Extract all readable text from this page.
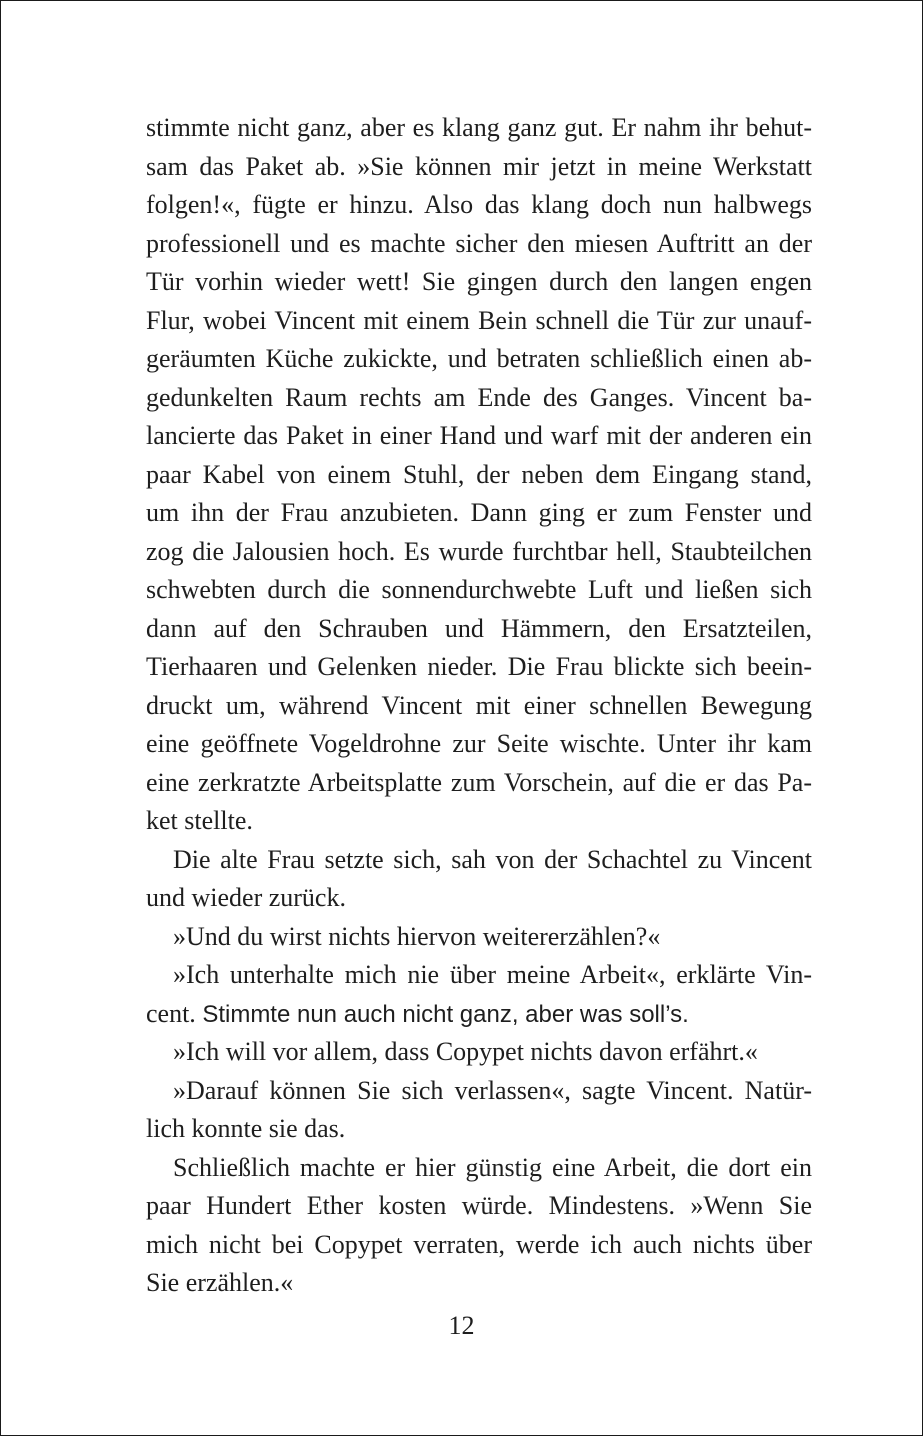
stimmte nicht ganz, aber es klang ganz gut. Er nahm ihr behut-
sam das Paket ab. »Sie können mir jetzt in meine Werkstatt
folgen!«, fügte er hinzu. Also das klang doch nun halbwegs
professionell und es machte sicher den miesen Auftritt an der
Tür vorhin wieder wett! Sie gingen durch den langen engen
Flur, wobei Vincent mit einem Bein schnell die Tür zur unauf-
geräumten Küche zukickte, und betraten schließlich einen ab-
gedunkelten Raum rechts am Ende des Ganges. Vincent ba-
lancierte das Paket in einer Hand und warf mit der anderen ein
paar Kabel von einem Stuhl, der neben dem Eingang stand,
um ihn der Frau anzubieten. Dann ging er zum Fenster und
zog die Jalousien hoch. Es wurde furchtbar hell, Staubteilchen
schwebten durch die sonnendurchwebte Luft und ließen sich
dann auf den Schrauben und Hämmern, den Ersatzteilen,
Tierhaaren und Gelenken nieder. Die Frau blickte sich beein-
druckt um, während Vincent mit einer schnellen Bewegung
eine geöffnete Vogeldrohne zur Seite wischte. Unter ihr kam
eine zerkratzte Arbeitsplatte zum Vorschein, auf die er das Pa-
ket stellte.
Die alte Frau setzte sich, sah von der Schachtel zu Vincent
und wieder zurück.
»Und du wirst nichts hiervon weitererzählen?«
»Ich unterhalte mich nie über meine Arbeit«, erklärte Vin-
cent. Stimmte nun auch nicht ganz, aber was soll’s.
»Ich will vor allem, dass Copypet nichts davon erfährt.«
»Darauf können Sie sich verlassen«, sagte Vincent. Natür-
lich konnte sie das.
Schließlich machte er hier günstig eine Arbeit, die dort ein
paar Hundert Ether kosten würde. Mindestens. »Wenn Sie
mich nicht bei Copypet verraten, werde ich auch nichts über
Sie erzählen.«
12
